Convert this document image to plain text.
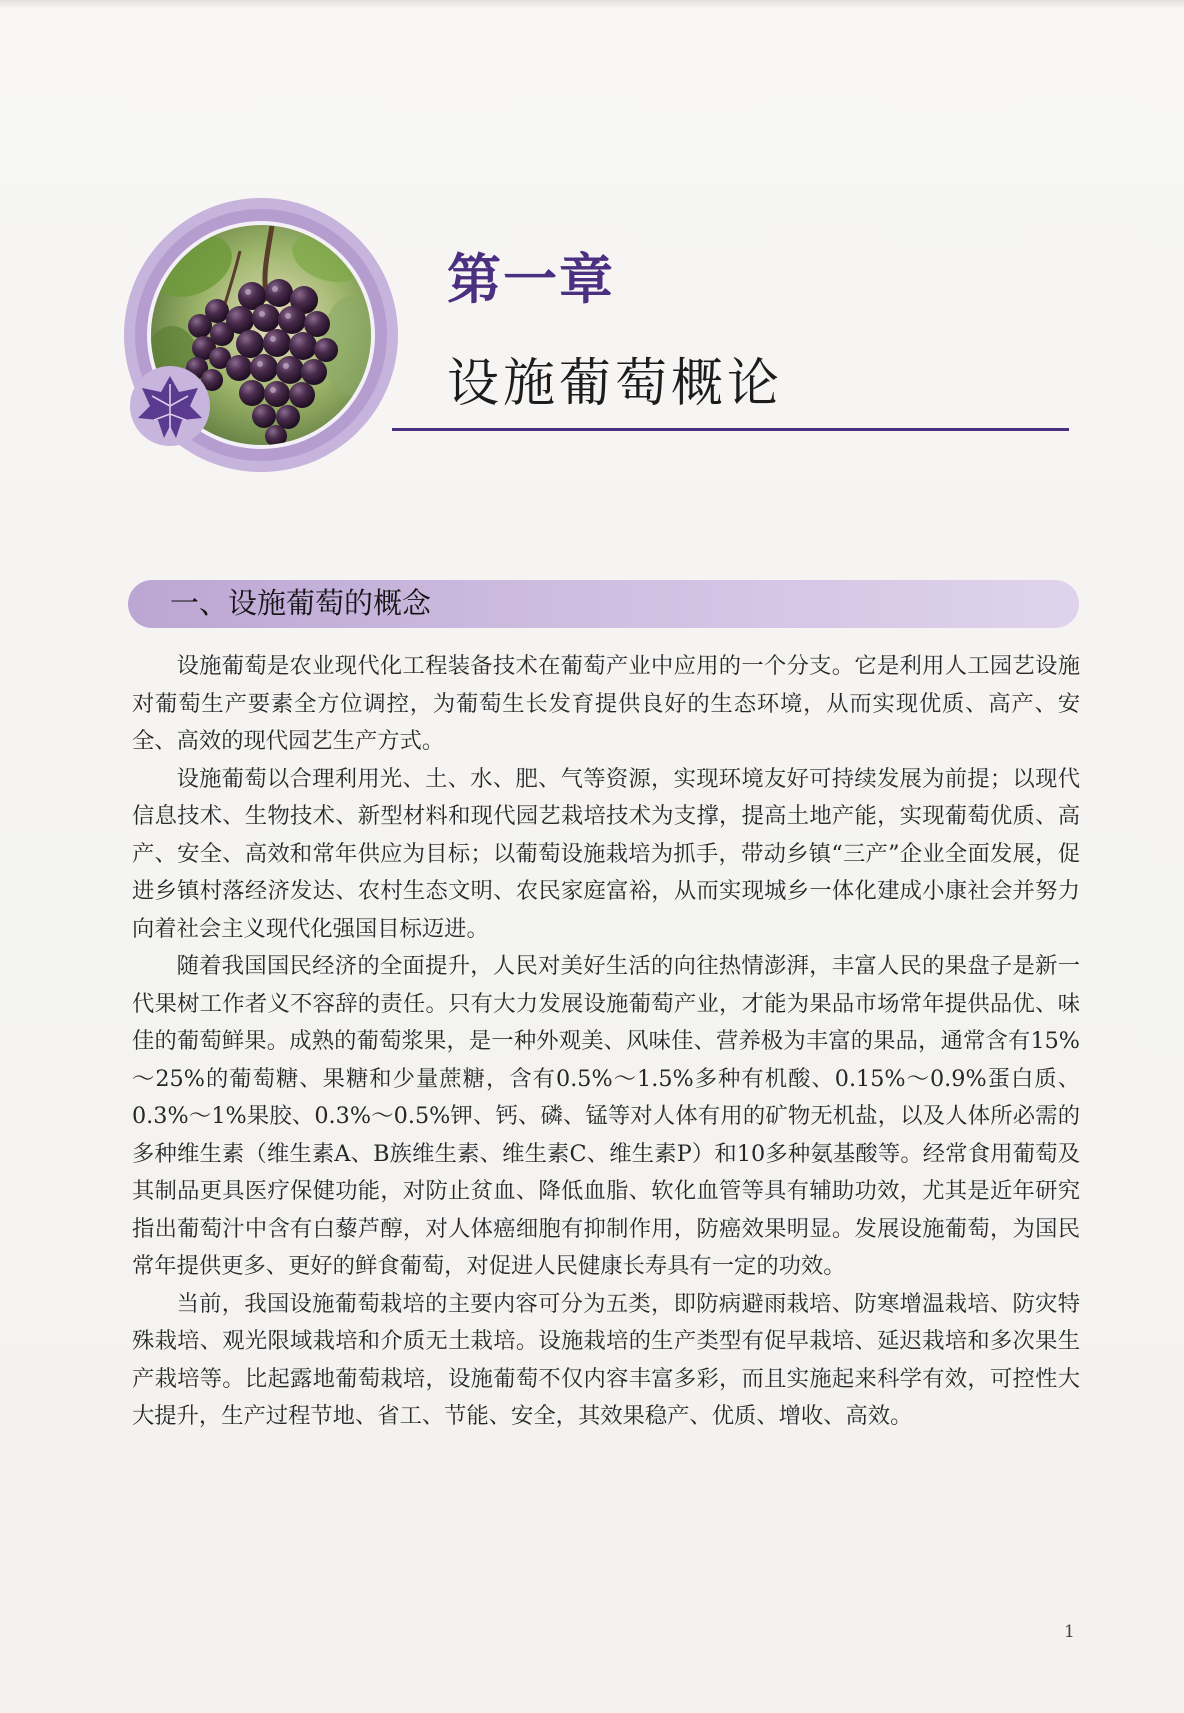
第一章
设施葡萄概论
一、设施葡萄的概念

设施葡萄是农业现代化工程装备技术在葡萄产业中应用的一个分支。它是利用人工园艺设施对葡萄生产要素全方位调控，为葡萄生长发育提供良好的生态环境，从而实现优质、高产、安全、高效的现代园艺生产方式。

设施葡萄以合理利用光、土、水、肥、气等资源，实现环境友好可持续发展为前提；以现代信息技术、生物技术、新型材料和现代园艺栽培技术为支撑，提高土地产能，实现葡萄优质、高产、安全、高效和常年供应为目标；以葡萄设施栽培为抓手，带动乡镇“三产”企业全面发展，促进乡镇村落经济发达、农村生态文明、农民家庭富裕，从而实现城乡一体化建成小康社会并努力向着社会主义现代化强国目标迈进。

随着我国国民经济的全面提升，人民对美好生活的向往热情澎湃，丰富人民的果盘子是新一代果树工作者义不容辞的责任。只有大力发展设施葡萄产业，才能为果品市场常年提供品优、味佳的葡萄鲜果。成熟的葡萄浆果，是一种外观美、风味佳、营养极为丰富的果品，通常含有15%～25%的葡萄糖、果糖和少量蔗糖，含有0.5%～1.5%多种有机酸、0.15%～0.9%蛋白质、0.3%～1%果胶、0.3%～0.5%钾、钙、磷、锰等对人体有用的矿物无机盐，以及人体所必需的多种维生素（维生素A、B族维生素、维生素C、维生素P）和10多种氨基酸等。经常食用葡萄及其制品更具医疗保健功能，对防止贫血、降低血脂、软化血管等具有辅助功效，尤其是近年研究指出葡萄汁中含有白藜芦醇，对人体癌细胞有抑制作用，防癌效果明显。发展设施葡萄，为国民常年提供更多、更好的鲜食葡萄，对促进人民健康长寿具有一定的功效。

当前，我国设施葡萄栽培的主要内容可分为五类，即防病避雨栽培、防寒增温栽培、防灾特殊栽培、观光限域栽培和介质无土栽培。设施栽培的生产类型有促早栽培、延迟栽培和多次果生产栽培等。比起露地葡萄栽培，设施葡萄不仅内容丰富多彩，而且实施起来科学有效，可控性大大提升，生产过程节地、省工、节能、安全，其效果稳产、优质、增收、高效。

1
